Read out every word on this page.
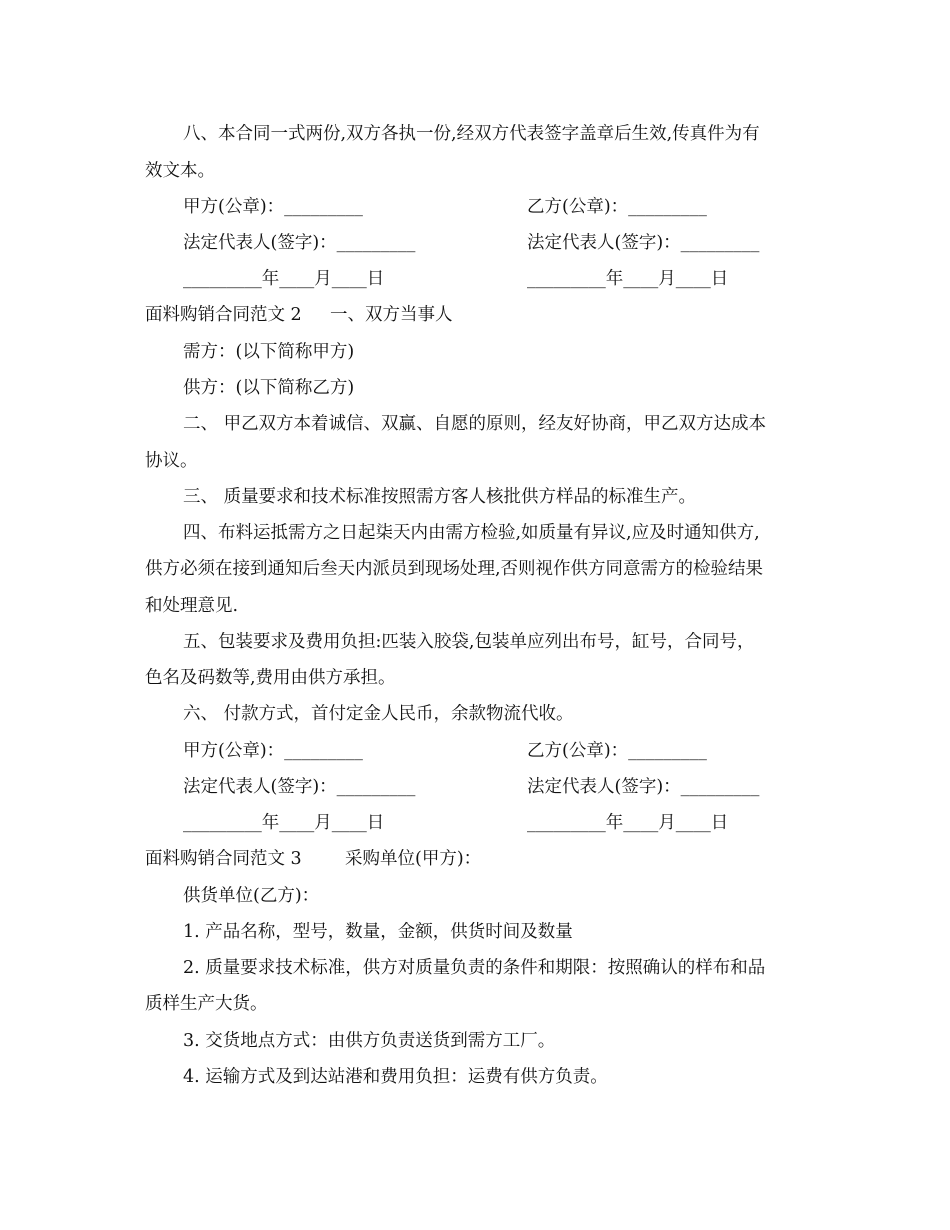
八、本合同一式两份,双方各执一份,经双方代表签字盖章后生效,传真件为有
效文本。
甲方(公章)：_________	乙方(公章)：_________
法定代表人(签字)：_________	法定代表人(签字)：_________
_________年____月____日	_________年____月____日
面料购销合同范文 2 一、双方当事人
需方：(以下简称甲方)
供方：(以下简称乙方)
二、 甲乙双方本着诚信、双赢、自愿的原则，经友好协商，甲乙双方达成本
协议。
三、 质量要求和技术标准按照需方客人核批供方样品的标准生产。
四、布料运抵需方之日起柒天内由需方检验,如质量有异议,应及时通知供方,
供方必须在接到通知后叁天内派员到现场处理,否则视作供方同意需方的检验结果
和处理意见.
五、包装要求及费用负担:匹装入胶袋,包装单应列出布号，缸号，合同号，
色名及码数等,费用由供方承担。
六、 付款方式，首付定金人民币，余款物流代收。
甲方(公章)：_________	乙方(公章)：_________
法定代表人(签字)：_________	法定代表人(签字)：_________
_________年____月____日	_________年____月____日
面料购销合同范文 3 采购单位(甲方)：
供货单位(乙方)：
1. 产品名称，型号，数量，金额，供货时间及数量
2. 质量要求技术标准，供方对质量负责的条件和期限：按照确认的样布和品
质样生产大货。
3. 交货地点方式：由供方负责送货到需方工厂。
4. 运输方式及到达站港和费用负担：运费有供方负责。
